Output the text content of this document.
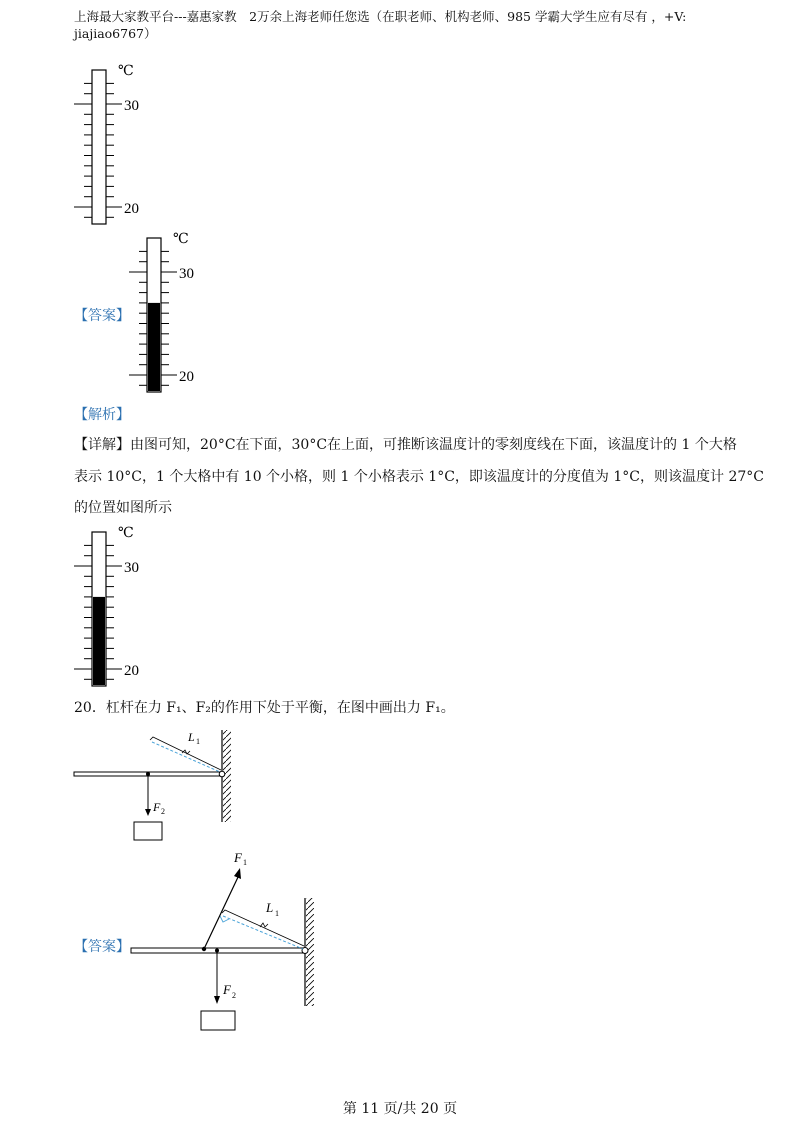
上海最大家教平台---嘉惠家教　2万余上海老师任您选（在职老师、机构老师、985 学霸大学生应有尽有 ，+V:
jiajiao6767）
℃
30
20
【答案】
℃
30
20
【解析】
【详解】由图可知，20°C在下面，30°C在上面，可推断该温度计的零刻度线在下面，该温度计的 1 个大格
表示 10°C，1 个大格中有 10 个小格，则 1 个小格表示 1°C，即该温度计的分度值为 1°C，则该温度计 27°C
的位置如图所示
℃
30
20
20．杠杆在力 F₁、F₂的作用下处于平衡，在图中画出力 F₁。
L 1
F 2
【答案】
L 1
F 1
F 2
第 11 页/共 20 页
